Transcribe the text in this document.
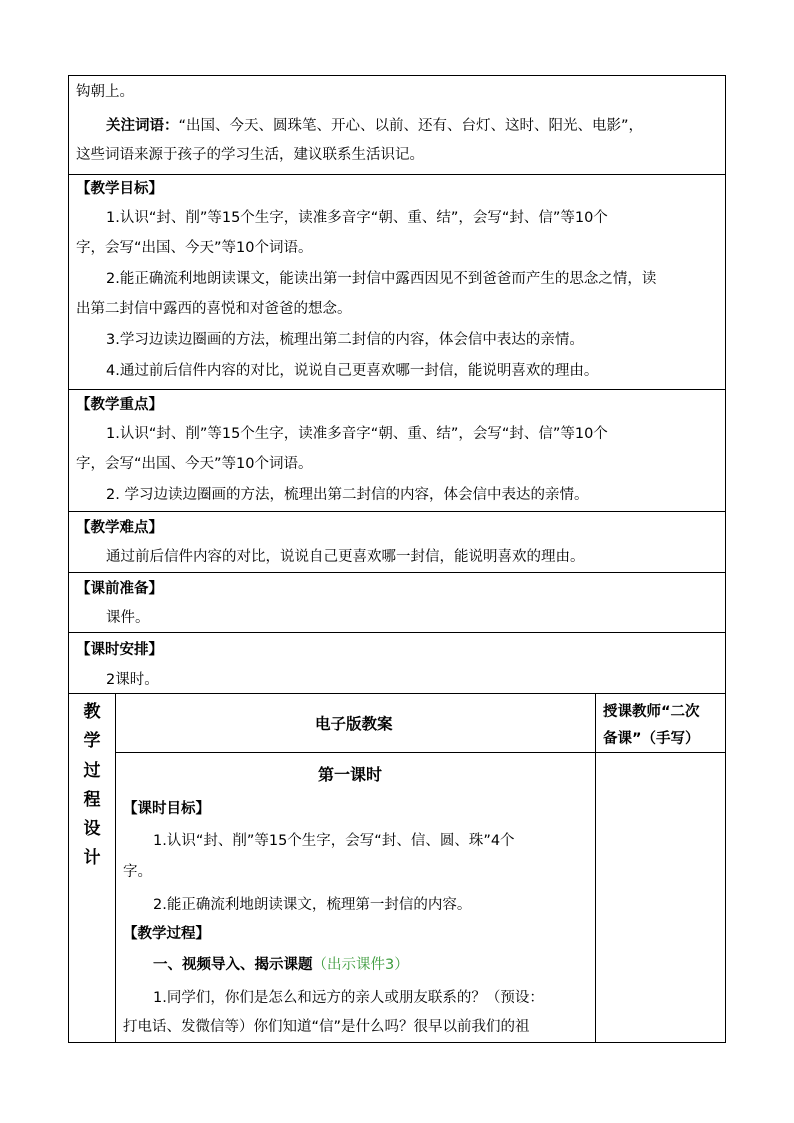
钩朝上。
关注词语：“出国、今天、圆珠笔、开心、以前、还有、台灯、这时、阳光、电影”，
这些词语来源于孩子的学习生活，建议联系生活识记。
【教学目标】
1.认识“封、削”等15个生字，读准多音字“朝、重、结”，会写“封、信”等10个
字，会写“出国、今天”等10个词语。
2.能正确流利地朗读课文，能读出第一封信中露西因见不到爸爸而产生的思念之情，读
出第二封信中露西的喜悦和对爸爸的想念。
3.学习边读边圈画的方法，梳理出第二封信的内容，体会信中表达的亲情。
4.通过前后信件内容的对比，说说自己更喜欢哪一封信，能说明喜欢的理由。
【教学重点】
1.认识“封、削”等15个生字，读准多音字“朝、重、结”，会写“封、信”等10个
字，会写“出国、今天”等10个词语。
2. 学习边读边圈画的方法，梳理出第二封信的内容，体会信中表达的亲情。
【教学难点】
通过前后信件内容的对比，说说自己更喜欢哪一封信，能说明喜欢的理由。
【课前准备】
课件。
【课时安排】
2课时。
教
学
过
程
设
计
电子版教案
授课教师“二次
备课”（手写）
第一课时
【课时目标】
1.认识“封、削”等15个生字，会写“封、信、圆、珠”4个
字。
2.能正确流利地朗读课文，梳理第一封信的内容。
【教学过程】
一、视频导入、揭示课题（出示课件3）
1.同学们，你们是怎么和远方的亲人或朋友联系的？（预设：
打电话、发微信等）你们知道“信”是什么吗？很早以前我们的祖
